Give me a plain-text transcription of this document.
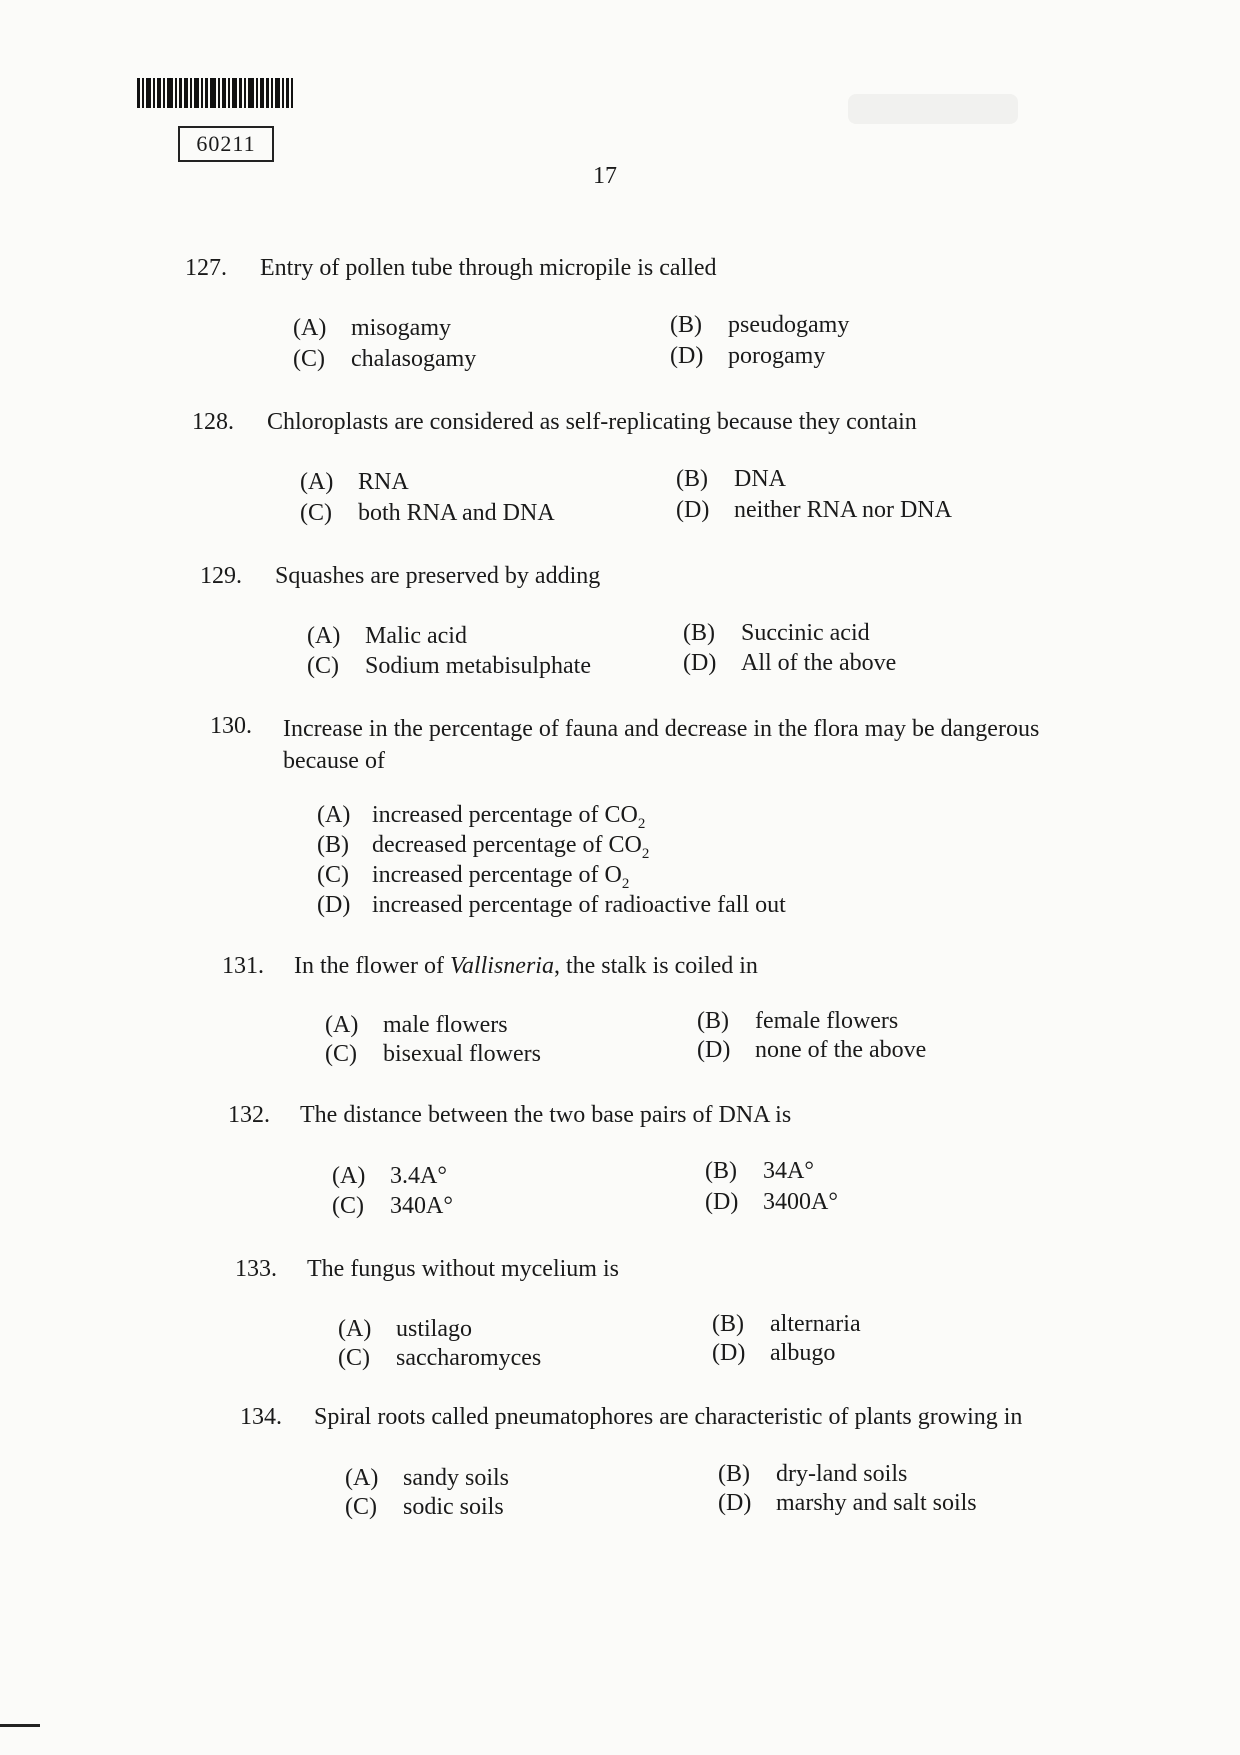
60211
17
127. Entry of pollen tube through micropile is called
(A) misogamy	(B) pseudogamy
(C) chalasogamy	(D) porogamy
128. Chloroplasts are considered as self-replicating because they contain
(A) RNA	(B) DNA
(C) both RNA and DNA	(D) neither RNA nor DNA
129. Squashes are preserved by adding
(A) Malic acid	(B) Succinic acid
(C) Sodium metabisulphate	(D) All of the above
130. Increase in the percentage of fauna and decrease in the flora may be dangerous because of
(A) increased percentage of $CO_2$
(B) decreased percentage of $CO_2$
(C) increased percentage of $O_2$
(D) increased percentage of radioactive fall out
131. In the flower of Vallisneria, the stalk is coiled in
(A) male flowers	(B) female flowers
(C) bisexual flowers	(D) none of the above
132. The distance between the two base pairs of DNA is
(A) 3.4A°	(B) 34A°
(C) 340A°	(D) 3400A°
133. The fungus without mycelium is
(A) ustilago	(B) alternaria
(C) saccharomyces	(D) albugo
134. Spiral roots called pneumatophores are characteristic of plants growing in
(A) sandy soils	(B) dry-land soils
(C) sodic soils	(D) marshy and salt soils
